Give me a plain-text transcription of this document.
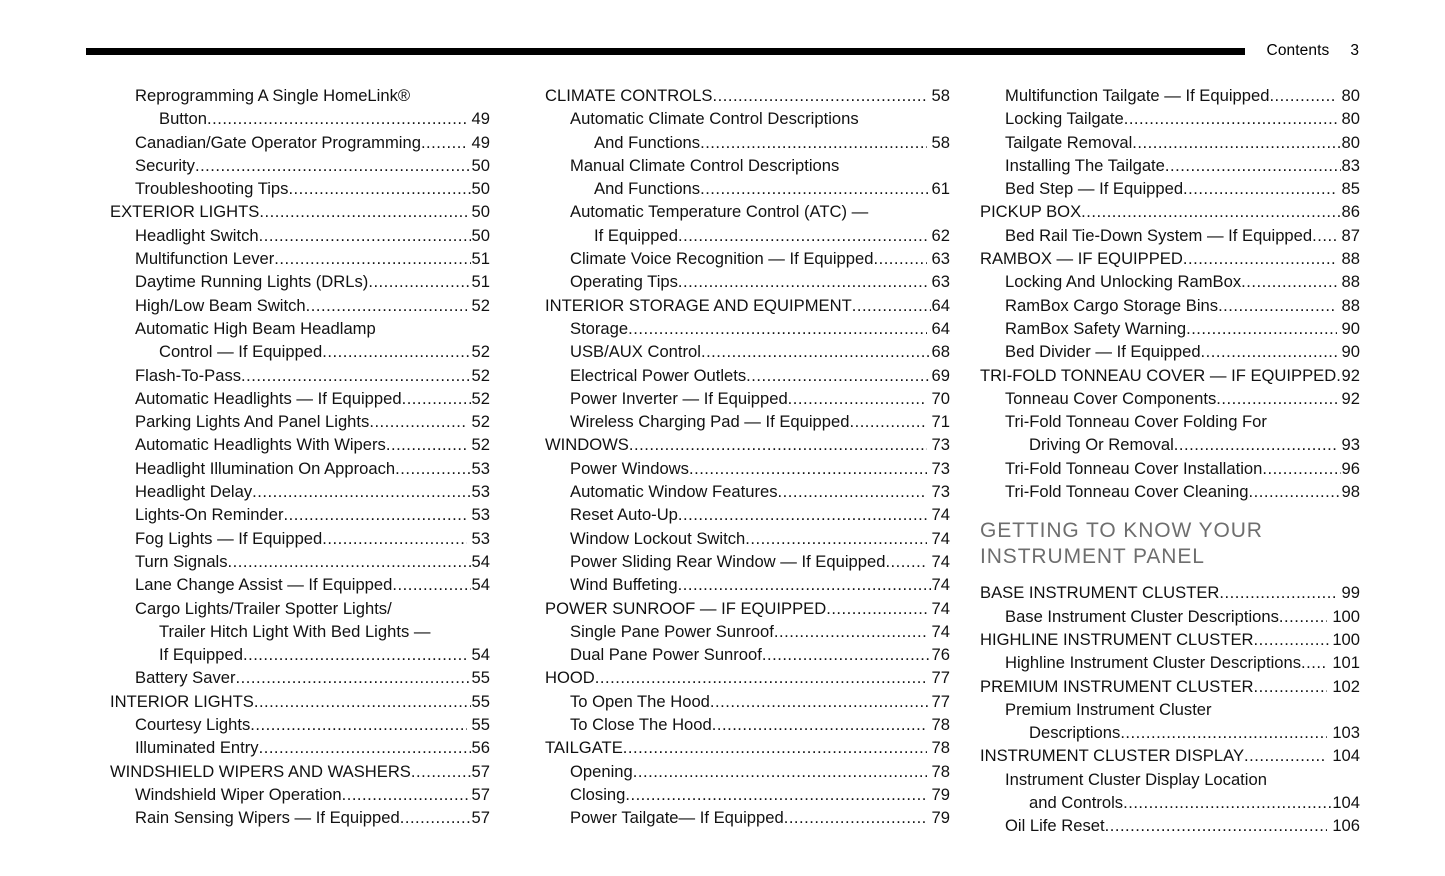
Contents 3
Reprogramming A Single HomeLink®
Button .....	49
Canadian/Gate Operator Programming .....	49
Security .....	50
Troubleshooting Tips .....	50
EXTERIOR LIGHTS .....	50
Headlight Switch .....	50
Multifunction Lever .....	51
Daytime Running Lights (DRLs) .....	51
High/Low Beam Switch .....	52
Automatic High Beam Headlamp
Control — If Equipped .....	52
Flash-To-Pass .....	52
Automatic Headlights — If Equipped .....	52
Parking Lights And Panel Lights .....	52
Automatic Headlights With Wipers .....	52
Headlight Illumination On Approach .....	53
Headlight Delay .....	53
Lights-On Reminder .....	53
Fog Lights — If Equipped .....	53
Turn Signals .....	54
Lane Change Assist — If Equipped .....	54
Cargo Lights/Trailer Spotter Lights/
Trailer Hitch Light With Bed Lights —
If Equipped .....	54
Battery Saver .....	55
INTERIOR LIGHTS .....	55
Courtesy Lights .....	55
Illuminated Entry .....	56
WINDSHIELD WIPERS AND WASHERS .....	57
Windshield Wiper Operation .....	57
Rain Sensing Wipers — If Equipped .....	57
CLIMATE CONTROLS .....	58
Automatic Climate Control Descriptions
And Functions .....	58
Manual Climate Control Descriptions
And Functions .....	61
Automatic Temperature Control (ATC) —
If Equipped .....	62
Climate Voice Recognition — If Equipped .....	63
Operating Tips .....	63
INTERIOR STORAGE AND EQUIPMENT .....	64
Storage .....	64
USB/AUX Control .....	68
Electrical Power Outlets .....	69
Power Inverter — If Equipped .....	70
Wireless Charging Pad — If Equipped .....	71
WINDOWS .....	73
Power Windows .....	73
Automatic Window Features .....	73
Reset Auto-Up .....	74
Window Lockout Switch .....	74
Power Sliding Rear Window — If Equipped .....	74
Wind Buffeting .....	74
POWER SUNROOF — IF EQUIPPED .....	74
Single Pane Power Sunroof .....	74
Dual Pane Power Sunroof .....	76
HOOD .....	77
To Open The Hood .....	77
To Close The Hood .....	78
TAILGATE .....	78
Opening .....	78
Closing .....	79
Power Tailgate— If Equipped .....	79
Multifunction Tailgate — If Equipped .....	80
Locking Tailgate .....	80
Tailgate Removal .....	80
Installing The Tailgate .....	83
Bed Step — If Equipped .....	85
PICKUP BOX .....	86
Bed Rail Tie-Down System — If Equipped .....	87
RAMBOX — IF EQUIPPED .....	88
Locking And Unlocking RamBox .....	88
RamBox Cargo Storage Bins .....	88
RamBox Safety Warning .....	90
Bed Divider — If Equipped .....	90
TRI-FOLD TONNEAU COVER — IF EQUIPPED ..... 92
Tonneau Cover Components .....	92
Tri-Fold Tonneau Cover Folding For
Driving Or Removal .....	93
Tri-Fold Tonneau Cover Installation .....	96
Tri-Fold Tonneau Cover Cleaning .....	98
GETTING TO KNOW YOUR
INSTRUMENT PANEL
BASE INSTRUMENT CLUSTER .....	99
Base Instrument Cluster Descriptions .....	100
HIGHLINE INSTRUMENT CLUSTER .....	100
Highline Instrument Cluster Descriptions .....	101
PREMIUM INSTRUMENT CLUSTER .....	102
Premium Instrument Cluster
Descriptions .....	103
INSTRUMENT CLUSTER DISPLAY .....	104
Instrument Cluster Display Location
and Controls .....	104
Oil Life Reset .....	106
